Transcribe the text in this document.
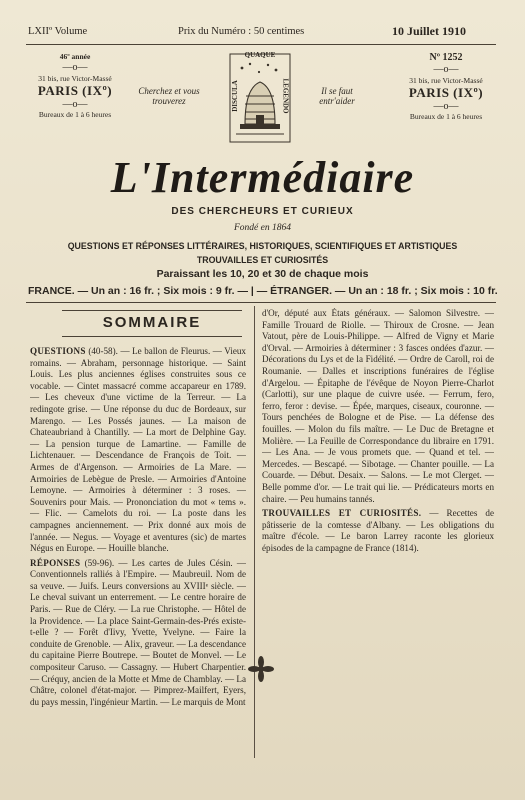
LXIIº Volume	Prix du Numéro : 50 centimes	10 Juillet 1910
46º année
—o—
31 bis, rue Victor-Massé
PARIS (IXº)
—o—
Bureaux de 1 à 6 heures
Cherchez et vous
trouverez
QUAQUE
DISCULA	LEGENDO	Il se faut
entr'aider
Nº 1252
—o—
31 bis, rue Victor-Massé
PARIS (IXº)
—o—
Bureaux de 1 à 6 heures
L'Intermédiaire
DES CHERCHEURS ET CURIEUX
Fondé en 1864
QUESTIONS ET RÉPONSES LITTÉRAIRES, HISTORIQUES, SCIENTIFIQUES ET ARTISTIQUES
TROUVAILLES ET CURIOSITÉS
Paraissant les 10, 20 et 30 de chaque mois
FRANCE. — Un an : 16 fr. ; Six mois : 9 fr. — | — ÉTRANGER. — Un an : 18 fr. ; Six mois : 10 fr.
SOMMAIRE

QUESTIONS (40-58). — Le ballon de Fleurus. — Vieux romains. — Abraham, personnage historique. — Saint Louis. Les plus anciennes églises construites sous ce vocable. — Cintet massacré comme accapareur en 1789. — Les cheveux d'une victime de la Terreur. — La redingote grise. — Une réponse du duc de Bordeaux, sur Marengo. — Les Possés jaunes. — La maison de Chateaubriand à Chantilly. — La mort de Delphine Gay. — La pension turque de Lamartine. — Famille de Lichtenauer. — Descendance de François de Toit. — Armes de d'Argenson. — Armoiries de La Mare. — Armoiries de Lebègue de Presle. — Armoiries d'Antoine Lemoyne. — Armoiries à déterminer : 3 roses. — Souvenirs pour Mais. — Prononciation du mot « tems ». — Flic. — Camelots du roi. — La poste dans les campagnes anciennement. — Prix donné aux mois de l'année. — Negus. — Voyage et aventures (sic) de martes Négus en Europe. — Houille blanche.

RÉPONSES (59-96). — Les cartes de Jules Césin. — Conventionnels ralliés à l'Empire. — Maubreuil. Nom de sa veuve. — Juifs. Leurs conversions au XVIIIᵉ siècle. — Le cheval suivant un enterrement. — Le centre horaire de Paris. — Rue de Cléry. — La rue Christophe. — Hôtel de la Providence. — La place Saint-Germain-des-Prés existe-t-elle ? — Forêt d'Iivy, Yvette, Yvelyne. — Faire la conduite de Grenoble. — Alix, graveur. — La descendance du capitaine Pierre Boutrepe. — Boutet de Monvel. — Le compositeur Caruso. — Cassagny. — Hubert Charpentier. — Créquy, ancien de la Motte et Mme de Chamblay. — La Châtre, colonel d'état-major. — Pimprez-Mailfert, Eyers, du pays messin, l'ingénieur Martin. — Le marquis de Mont

d'Or, député aux États généraux. — Salomon Silvestre. — Famille Trouard de Riolle. — Thiroux de Crosne. — Jean Vatout, père de Louis-Philippe. — Alfred de Vigny et Marie d'Orval. — Armoiries à déterminer : 3 fasces ondées d'azur. — Décorations du Lys et de la Fidélité. — Ordre de Caroll, roi de Roumanie. — Dalles et inscriptions funéraires de l'église d'Argelou. — Épitaphe de l'évêque de Noyon Pierre-Charlot (Carlotti), sur une plaque de cuivre usée. — Ferrum, fero, ferro, feror : devise. — Épée, marques, ciseaux, couronne. — Tours penchées de Bologne et de Pise. — La défense des fouilles. — Molon du fils maître. — Le Duc de Bretagne et Molière. — La Feuille de Correspondance du libraire en 1791. — Les Ana. — Je vous promets que. — Quand et tel. — Mercedes. — Bescapé. — Sibotage. — Chanter pouille. — La Couarde. — Début. Desaix. — Salons. — Le mot Clerget. — Belle pomme d'or. — Le trait qui lie. — Prédicateurs morts en chaire. — Peu humains tannés.

TROUVAILLES ET CURIOSITÉS. — Recettes de pâtisserie de la comtesse d'Albany. — Les obligations du maître d'école. — Le baron Larrey raconte les glorieux épisodes de la campagne de France (1814).
